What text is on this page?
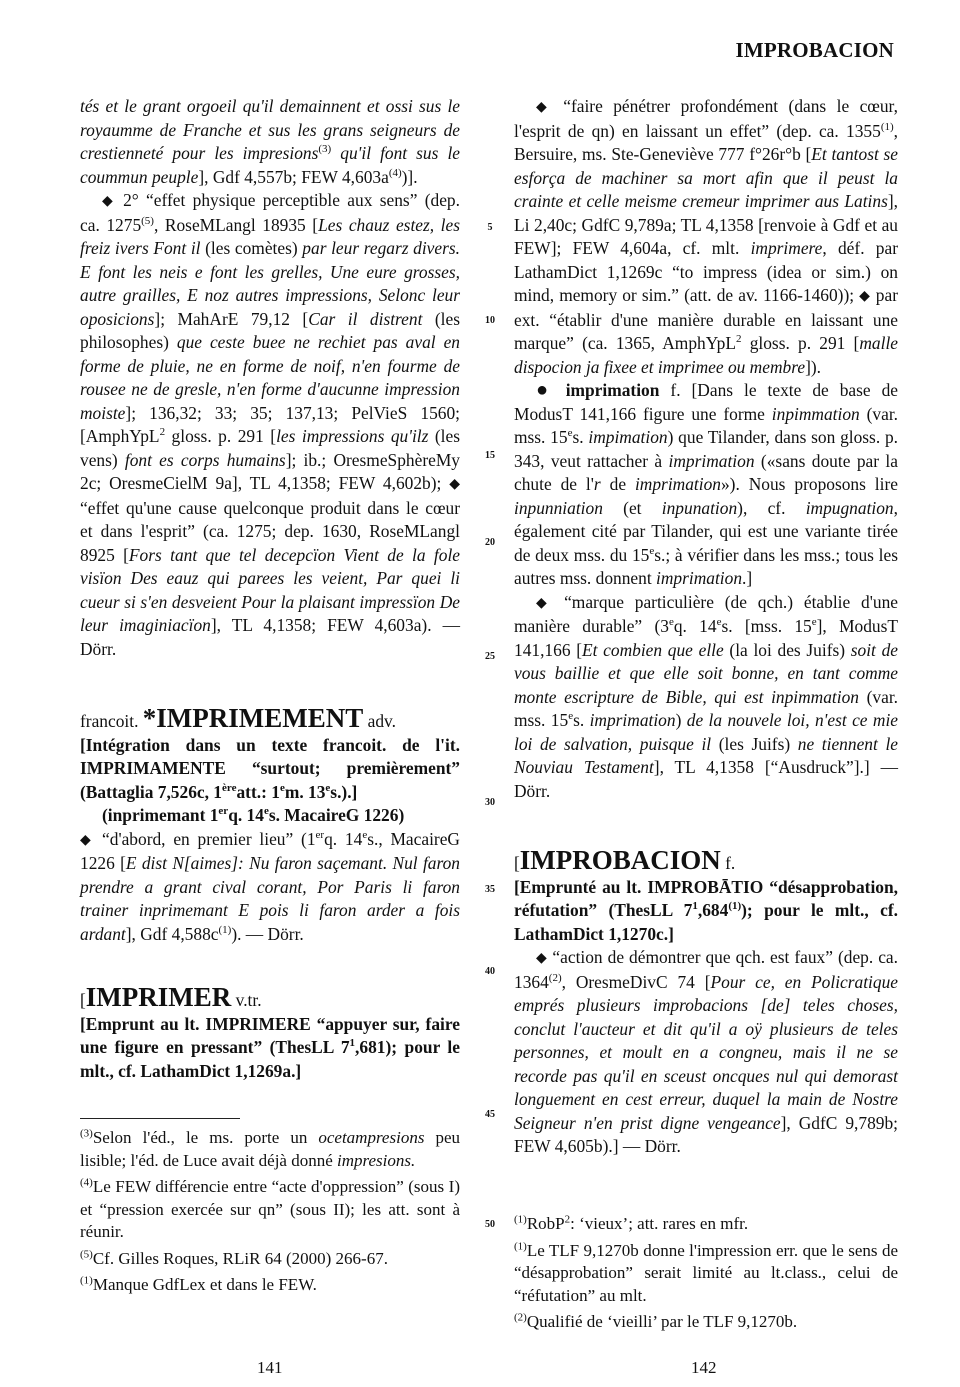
IMPROBACION

tés et le grant orgoeil qu'il demainnent et ossi sus le royaumme de Franche et sus les grans seigneurs de crestienneté pour les impresions$^{(3)}$ qu'il font sus le coummun peuple], Gdf 4,557b; FEW $4,603a^{(4)}$)].

◆ 2° “effet physique perceptible aux sens” (dep. ca. 1275$^{(5)}$, RoseMLangl 18935 [Les chauz estez, les freiz ivers Font il (les comètes) par leur regarz divers. E font les neis e font les grelles, Une eure grosses, autre grailles, E noz autres impressions, Selonc leur oposicions]; MahArE 79,12 [Car il distrent (les philosophes) que ceste buee ne rechiet pas aval en forme de pluie, ne en forme de noif, n'en fourme de rousee ne de gresle, n'en forme d'aucunne impression moiste]; 136,32; 33; 35; 137,13; PelVieS 1560; [AmphYpL$^2$ gloss. p. 291 [les impressions qu'ilz (les vens) font es corps humains]; ib.; OresmeSphèreMy 2c; OresmeCielM 9a], TL 4,1358; FEW 4,602b); ◆ “effet qu'une cause quelconque produit dans le cœur et dans l'esprit” (ca. 1275; dep. 1630, RoseMLangl 8925 [Fors tant que tel decepcïon Vient de la fole visïon Des eauz qui parees les veient, Par quei li cueur si s'en desveient Pour la plaisant impressïon De leur imaginiacïon], TL 4,1358; FEW 4,603a). — Dörr.

francoit. *IMPRIMEMENT adv.

[Intégration dans un texte francoit. de l'it. IMPRIMAMENTE “surtout; premièrement” (Battaglia 7,526c, 1èreatt.: 1em. 13es.).]

(inprimemant 1erq. 14es. MacaireG 1226)

◆ “d'abord, en premier lieu” (1erq. 14es., MacaireG 1226 [E dist N[aimes]: Nu faron saçemant. Nul faron prendre a grant cival corant, Por Paris li faron trainer inprimemant E pois li faron arder a fois ardant], Gdf $4,588c^{(1)}$). — Dörr.

[IMPRIMER v.tr.

[Emprunt au lt. IMPRIMERE “appuyer sur, faire une figure en pressant” (ThesLL $7^1,681$); pour le mlt., cf. LathamDict 1,1269a.]

$^{(3)}$Selon l'éd., le ms. porte un ocetampresions peu lisible; l'éd. de Luce avait déjà donné impresions.

$^{(4)}$Le FEW différencie entre “acte d'oppression” (sous I) et “pression exercée sur qn” (sous II); les att. sont à réunir.

$^{(5)}$Cf. Gilles Roques, RLiR 64 (2000) 266-67.

$^{(1)}$Manque GdfLex et dans le FEW.

5
10
15
20
25
30
35
40
45
50

◆ “faire pénétrer profondément (dans le cœur, l'esprit de qn) en laissant un effet” (dep. ca. 1355$^{(1)}$, Bersuire, ms. Ste-Geneviève 777 f°26r°b [Et tantost se esforça de machiner sa mort afin que il peust la crainte et celle meisme cremeur imprimer aus Latins], Li 2,40c; GdfC 9,789a; TL 4,1358 [renvoie à Gdf et au FEW]; FEW 4,604a, cf. mlt. imprimere, déf. par LathamDict 1,1269c “to impress (idea or sim.) on mind, memory or sim.” (att. de av. 1166-1460)); ◆ par ext. “établir d'une manière durable en laissant une marque” (ca. 1365, AmphYpL$^2$ gloss. p. 291 [malle dispocion ja fixee et imprimee ou membre]).

● imprimation f. [Dans le texte de base de ModusT 141,166 figure une forme inpimmation (var. mss. 15es. impimation) que Tilander, dans son gloss. p. 343, veut rattacher à imprimation («sans doute par la chute de l'r de imprimation»). Nous proposons lire inpunniation (et inpunation), cf. impugnation, également cité par Tilander, qui est une variante tirée de deux mss. du 15es.; à vérifier dans les mss.; tous les autres mss. donnent imprimation.]

◆ “marque particulière (de qch.) établie d'une manière durable” (3eq. 14es. [mss. 15e], ModusT 141,166 [Et combien que elle (la loi des Juifs) soit de vous baillie et que elle soit bonne, en tant comme monte escripture de Bible, qui est inpimmation (var. mss. 15es. imprimation) de la nouvele loi, n'est ce mie loi de salvation, puisque il (les Juifs) ne tiennent le Nouviau Testament], TL 4,1358 [“Ausdruck”].] — Dörr.

[IMPROBACION f.

[Emprunté au lt. IMPROBĀTIO “désapprobation, réfutation” (ThesLL $7^1,684^{(1)}$); pour le mlt., cf. LathamDict 1,1270c.]

◆ “action de démontrer que qch. est faux” (dep. ca. 1364$^{(2)}$, OresmeDivC 74 [Pour ce, en Policratique emprés plusieurs improbacions [de] teles choses, conclut l'aucteur et dit qu'il a oÿ plusieurs de teles personnes, et moult en a congneu, mais il ne se recorde pas qu'il en sceust oncques nul qui demorast longuement en cest erreur, duquel la main de Nostre Seigneur n'en prist digne vengeance], GdfC 9,789b; FEW 4,605b).] — Dörr.

$^{(1)}$RobP$^2$: ‘vieux’; att. rares en mfr.

$^{(1)}$Le TLF 9,1270b donne l'impression err. que le sens de “désapprobation” serait limité au lt.class., celui de “réfutation” au mlt.

$^{(2)}$Qualifié de ‘vieilli’ par le TLF 9,1270b.

141	142
